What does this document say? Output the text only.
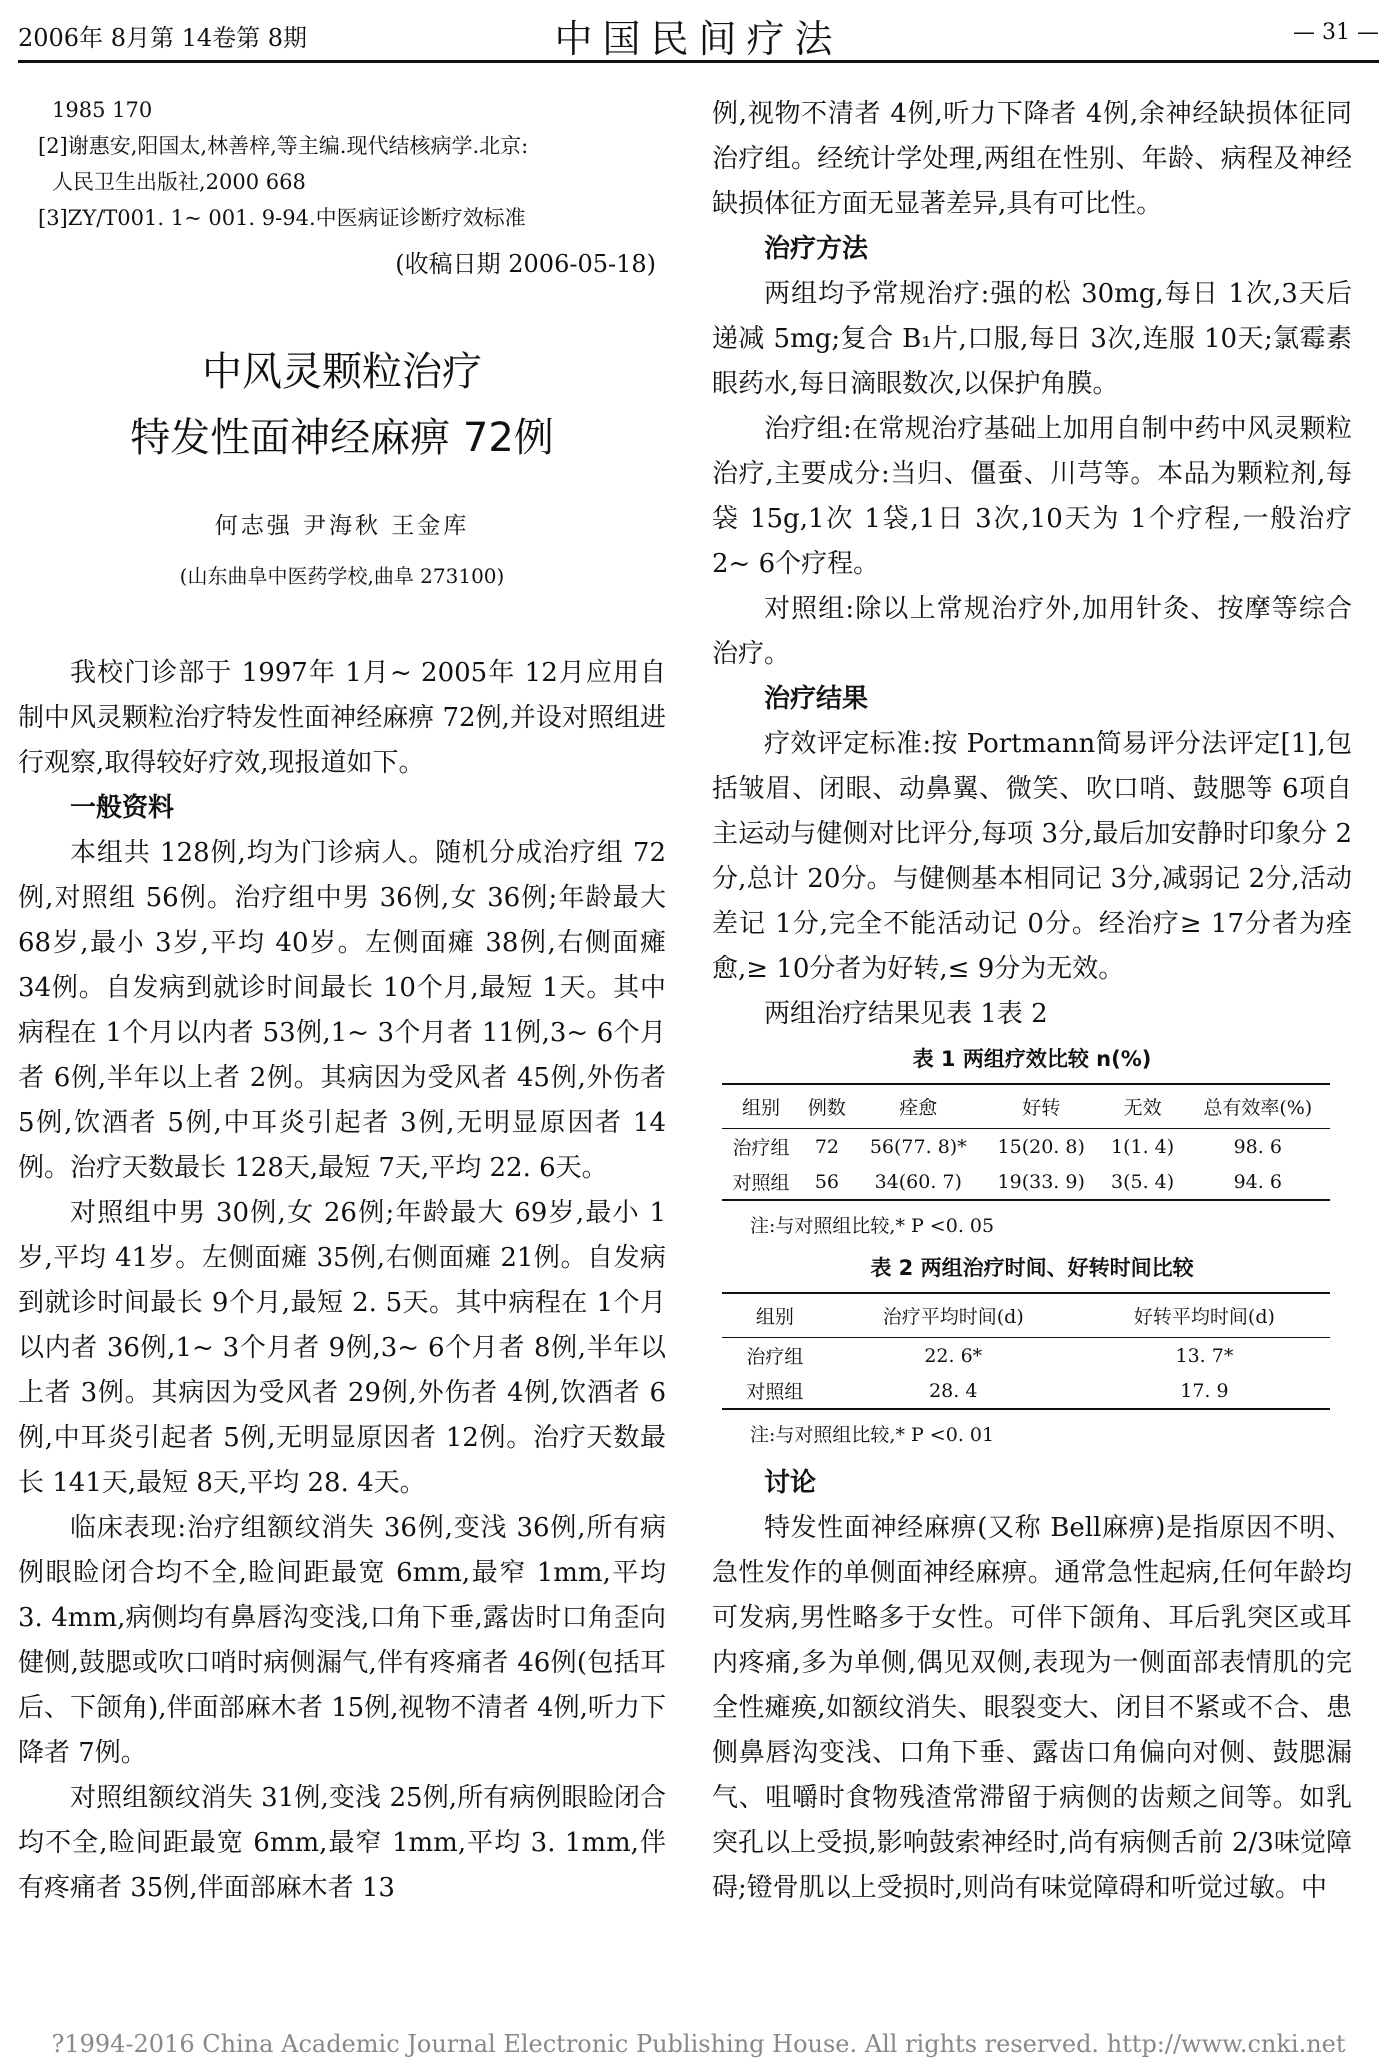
2006年 8月第 14卷第 8期	中国民间疗法	— 31 —

1985 170

[2]谢惠安,阳国太,林善梓,等主编.现代结核病学.北京:

人民卫生出版社,2000 668

[3]ZY/T001. 1~ 001. 9-94.中医病证诊断疗效标准

(收稿日期 2006-05-18)

中风灵颗粒治疗
特发性面神经麻痹 72例
何志强 尹海秋 王金库
(山东曲阜中医药学校,曲阜 273100)

我校门诊部于 1997年 1月~ 2005年 12月应用自制中风灵颗粒治疗特发性面神经麻痹 72例,并设对照组进行观察,取得较好疗效,现报道如下。

一般资料

本组共 128例,均为门诊病人。随机分成治疗组 72例,对照组 56例。治疗组中男 36例,女 36例;年龄最大 68岁,最小 3岁,平均 40岁。左侧面瘫 38例,右侧面瘫 34例。自发病到就诊时间最长 10个月,最短 1天。其中病程在 1个月以内者 53例,1~ 3个月者 11例,3~ 6个月者 6例,半年以上者 2例。其病因为受风者 45例,外伤者 5例,饮酒者 5例,中耳炎引起者 3例,无明显原因者 14例。治疗天数最长 128天,最短 7天,平均 22. 6天。

对照组中男 30例,女 26例;年龄最大 69岁,最小 1岁,平均 41岁。左侧面瘫 35例,右侧面瘫 21例。自发病到就诊时间最长 9个月,最短 2. 5天。其中病程在 1个月以内者 36例,1~ 3个月者 9例,3~ 6个月者 8例,半年以上者 3例。其病因为受风者 29例,外伤者 4例,饮酒者 6例,中耳炎引起者 5例,无明显原因者 12例。治疗天数最长 141天,最短 8天,平均 28. 4天。

临床表现:治疗组额纹消失 36例,变浅 36例,所有病例眼睑闭合均不全,睑间距最宽 6mm,最窄 1mm,平均 3. 4mm,病侧均有鼻唇沟变浅,口角下垂,露齿时口角歪向健侧,鼓腮或吹口哨时病侧漏气,伴有疼痛者 46例(包括耳后、下颌角),伴面部麻木者 15例,视物不清者 4例,听力下降者 7例。

对照组额纹消失 31例,变浅 25例,所有病例眼睑闭合均不全,睑间距最宽 6mm,最窄 1mm,平均 3. 1mm,伴有疼痛者 35例,伴面部麻木者 13

例,视物不清者 4例,听力下降者 4例,余神经缺损体征同治疗组。经统计学处理,两组在性别、年龄、病程及神经缺损体征方面无显著差异,具有可比性。

治疗方法

两组均予常规治疗:强的松 30mg,每日 1次,3天后递减 5mg;复合 B₁片,口服,每日 3次,连服 10天;氯霉素眼药水,每日滴眼数次,以保护角膜。

治疗组:在常规治疗基础上加用自制中药中风灵颗粒治疗,主要成分:当归、僵蚕、川芎等。本品为颗粒剂,每袋 15g,1次 1袋,1日 3次,10天为 1个疗程,一般治疗 2~ 6个疗程。

对照组:除以上常规治疗外,加用针灸、按摩等综合治疗。

治疗结果

疗效评定标准:按 Portmann简易评分法评定[1],包括皱眉、闭眼、动鼻翼、微笑、吹口哨、鼓腮等 6项自主运动与健侧对比评分,每项 3分,最后加安静时印象分 2分,总计 20分。与健侧基本相同记 3分,减弱记 2分,活动差记 1分,完全不能活动记 0分。经治疗≥ 17分者为痊愈,≥ 10分者为好转,≤ 9分为无效。

两组治疗结果见表 1表 2

表 1 两组疗效比较 n(%)
组别	例数	痊愈	好转	无效	总有效率(%)
治疗组	72	56(77. 8)*	15(20. 8)	1(1. 4)	98. 6
对照组	56	34(60. 7)	19(33. 9)	3(5. 4)	94. 6
注:与对照组比较,* P <0. 05
表 2 两组治疗时间、好转时间比较
组别	治疗平均时间(d)	好转平均时间(d)
治疗组	22. 6*	13. 7*
对照组	28. 4	17. 9
注:与对照组比较,* P <0. 01
讨论

特发性面神经麻痹(又称 Bell麻痹)是指原因不明、急性发作的单侧面神经麻痹。通常急性起病,任何年龄均可发病,男性略多于女性。可伴下颌角、耳后乳突区或耳内疼痛,多为单侧,偶见双侧,表现为一侧面部表情肌的完全性瘫痪,如额纹消失、眼裂变大、闭目不紧或不合、患侧鼻唇沟变浅、口角下垂、露齿口角偏向对侧、鼓腮漏气、咀嚼时食物残渣常滞留于病侧的齿颊之间等。如乳突孔以上受损,影响鼓索神经时,尚有病侧舌前 2/3味觉障碍;镫骨肌以上受损时,则尚有味觉障碍和听觉过敏。中

?1994-2016 China Academic Journal Electronic Publishing House. All rights reserved. http://www.cnki.net
